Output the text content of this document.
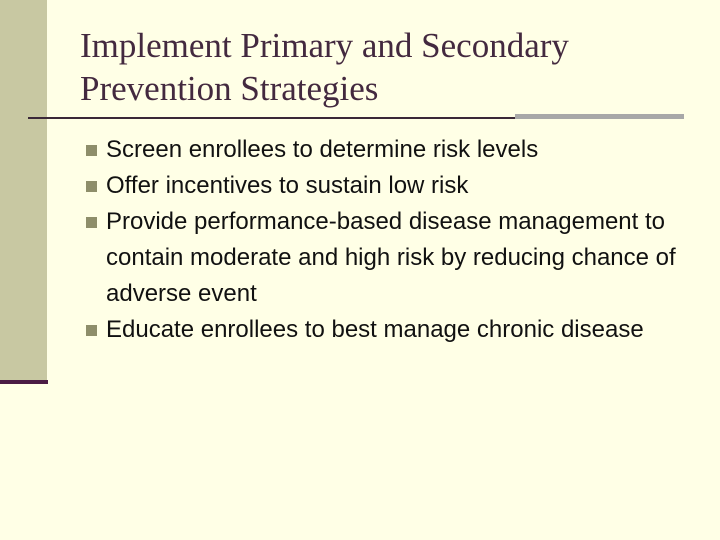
Implement Primary and Secondary
Prevention Strategies
Screen enrollees to determine risk levels
Offer incentives to sustain low risk
Provide performance-based disease management to contain moderate and high risk by reducing chance of adverse event
Educate enrollees to best manage chronic disease
